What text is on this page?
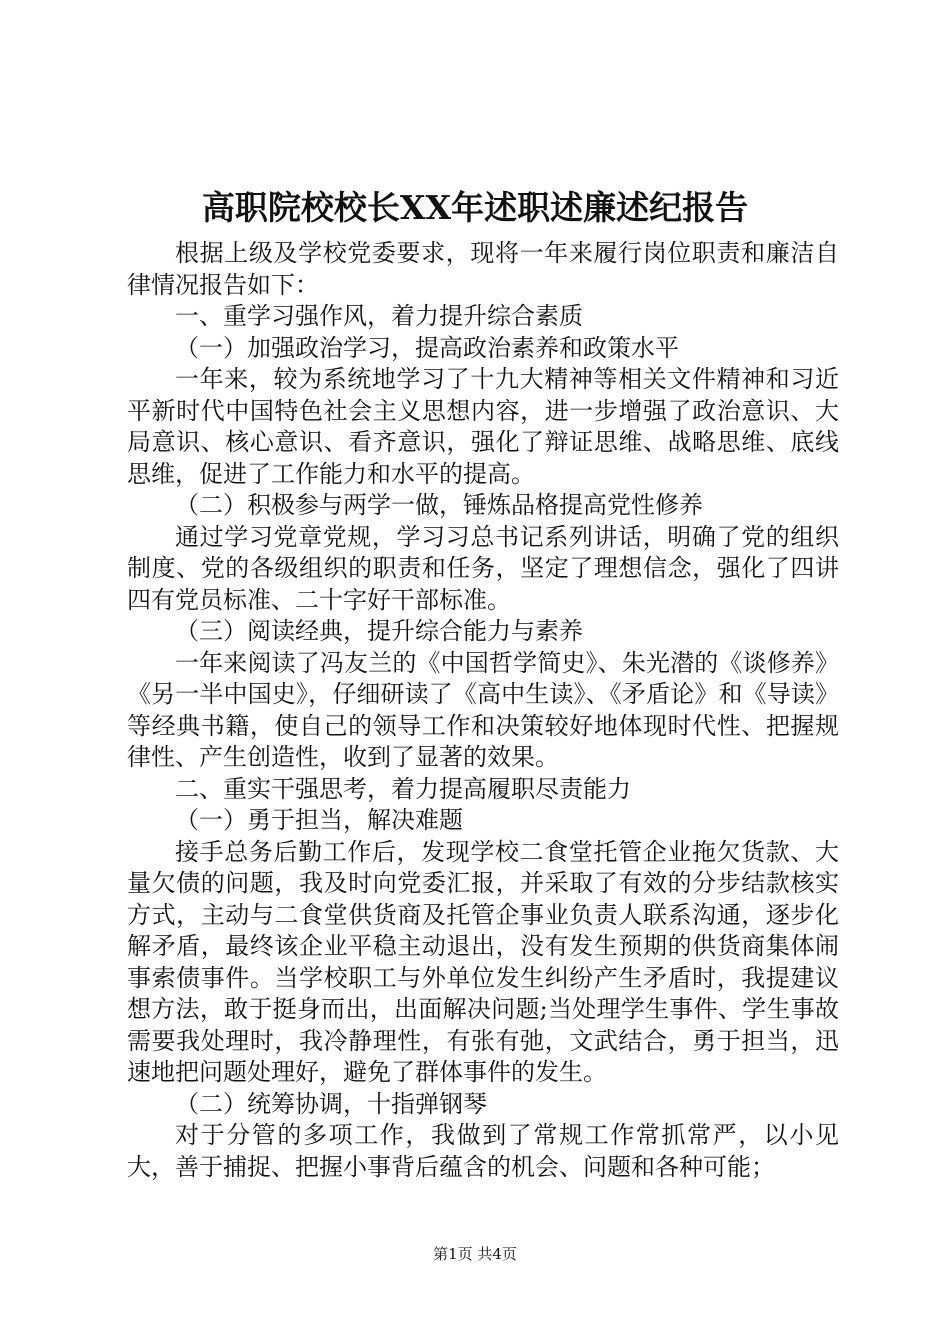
高职院校校长XX年述职述廉述纪报告

根据上级及学校党委要求，现将一年来履行岗位职责和廉洁自律情况报告如下：

一、重学习强作风，着力提升综合素质

（一）加强政治学习，提高政治素养和政策水平

一年来，较为系统地学习了十九大精神等相关文件精神和习近平新时代中国特色社会主义思想内容，进一步增强了政治意识、大局意识、核心意识、看齐意识，强化了辩证思维、战略思维、底线思维，促进了工作能力和水平的提高。

（二）积极参与两学一做，锤炼品格提高党性修养

通过学习党章党规，学习习总书记系列讲话，明确了党的组织制度、党的各级组织的职责和任务，坚定了理想信念，强化了四讲四有党员标准、二十字好干部标准。

（三）阅读经典，提升综合能力与素养

一年来阅读了冯友兰的《中国哲学简史》、朱光潜的《谈修养》《另一半中国史》，仔细研读了《高中生读》、《矛盾论》和《导读》等经典书籍，使自己的领导工作和决策较好地体现时代性、把握规律性、产生创造性，收到了显著的效果。

二、重实干强思考，着力提高履职尽责能力

（一）勇于担当，解决难题

接手总务后勤工作后，发现学校二食堂托管企业拖欠货款、大量欠债的问题，我及时向党委汇报，并采取了有效的分步结款核实方式，主动与二食堂供货商及托管企事业负责人联系沟通，逐步化解矛盾，最终该企业平稳主动退出，没有发生预期的供货商集体闹事索债事件。当学校职工与外单位发生纠纷产生矛盾时，我提建议想方法，敢于挺身而出，出面解决问题;当处理学生事件、学生事故需要我处理时，我冷静理性，有张有弛，文武结合，勇于担当，迅速地把问题处理好，避免了群体事件的发生。

（二）统筹协调，十指弹钢琴

对于分管的多项工作，我做到了常规工作常抓常严，以小见大，善于捕捉、把握小事背后蕴含的机会、问题和各种可能；

第1页 共4页
